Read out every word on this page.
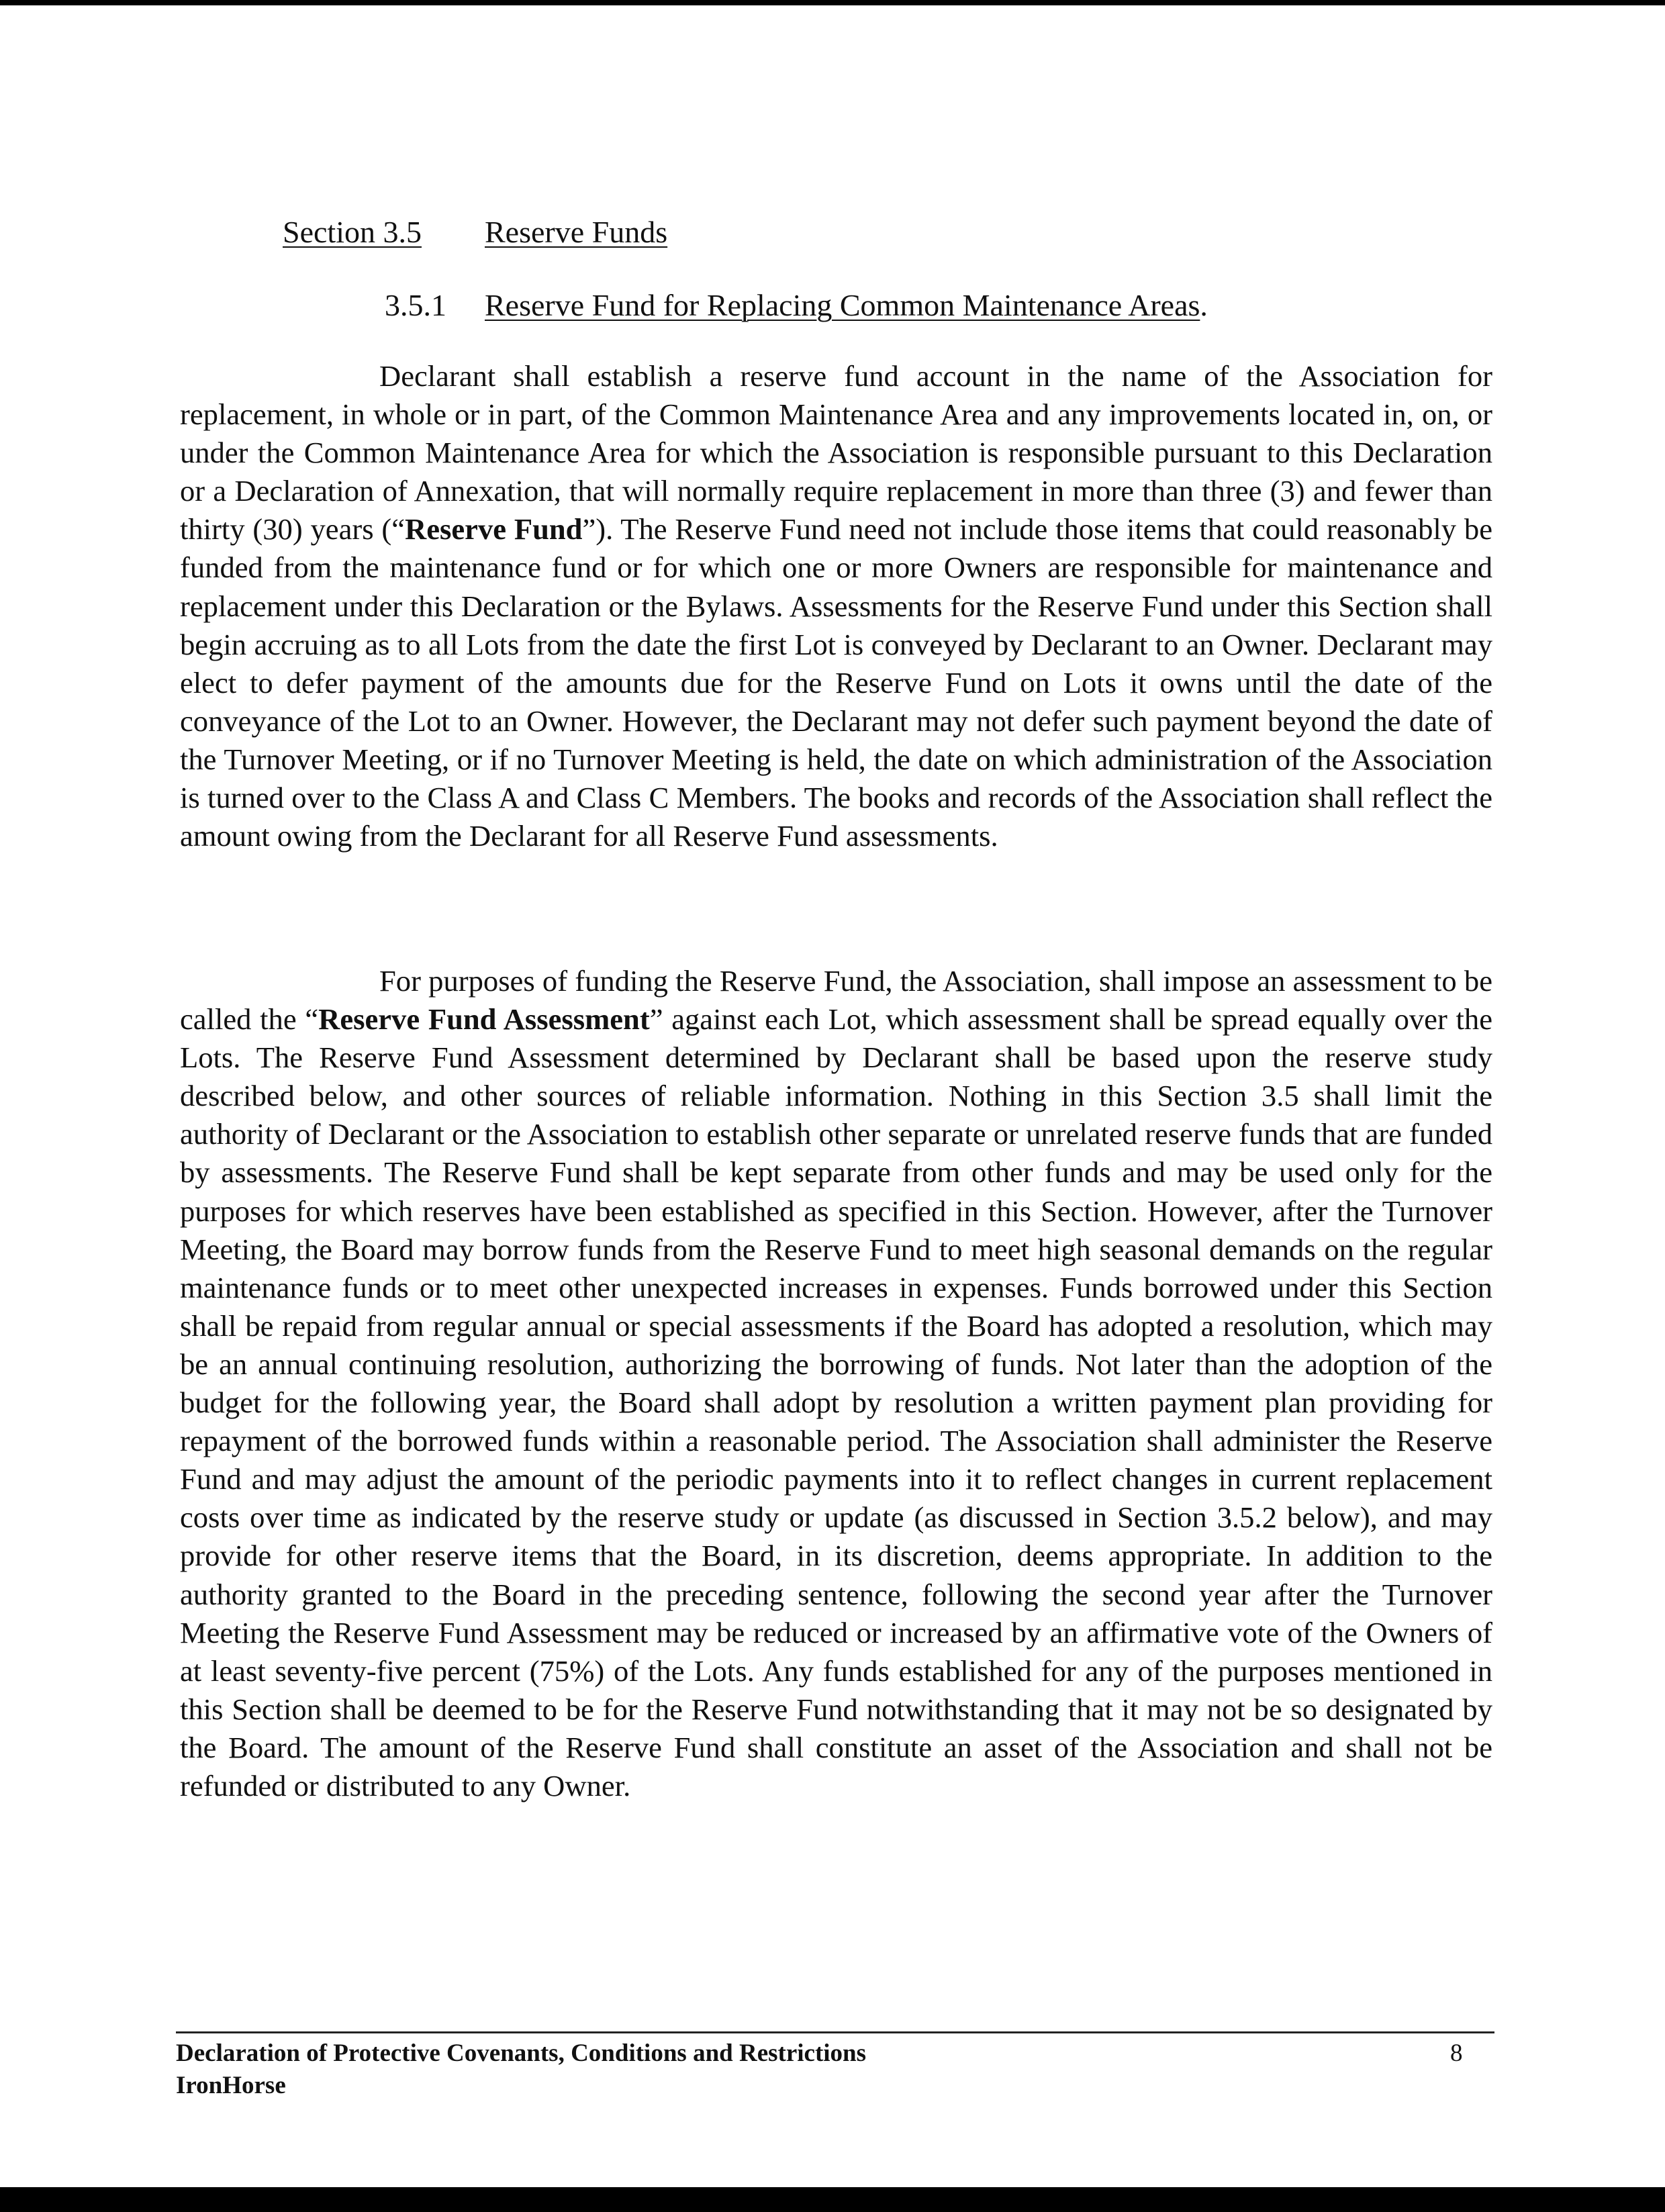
Section 3.5 Reserve Funds
3.5.1 Reserve Fund for Replacing Common Maintenance Areas.

Declarant shall establish a reserve fund account in the name of the Association for replacement, in whole or in part, of the Common Maintenance Area and any improvements located in, on, or under the Common Maintenance Area for which the Association is responsible pursuant to this Declaration or a Declaration of Annexation, that will normally require replacement in more than three (3) and fewer than thirty (30) years (“Reserve Fund”). The Reserve Fund need not include those items that could reasonably be funded from the maintenance fund or for which one or more Owners are responsible for maintenance and replacement under this Declaration or the Bylaws. Assessments for the Reserve Fund under this Section shall begin accruing as to all Lots from the date the first Lot is conveyed by Declarant to an Owner. Declarant may elect to defer payment of the amounts due for the Reserve Fund on Lots it owns until the date of the conveyance of the Lot to an Owner. However, the Declarant may not defer such payment beyond the date of the Turnover Meeting, or if no Turnover Meeting is held, the date on which administration of the Association is turned over to the Class A and Class C Members. The books and records of the Association shall reflect the amount owing from the Declarant for all Reserve Fund assessments.

For purposes of funding the Reserve Fund, the Association, shall impose an assessment to be called the “Reserve Fund Assessment” against each Lot, which assessment shall be spread equally over the Lots. The Reserve Fund Assessment determined by Declarant shall be based upon the reserve study described below, and other sources of reliable information. Nothing in this Section 3.5 shall limit the authority of Declarant or the Association to establish other separate or unrelated reserve funds that are funded by assessments. The Reserve Fund shall be kept separate from other funds and may be used only for the purposes for which reserves have been established as specified in this Section. However, after the Turnover Meeting, the Board may borrow funds from the Reserve Fund to meet high seasonal demands on the regular maintenance funds or to meet other unexpected increases in expenses. Funds borrowed under this Section shall be repaid from regular annual or special assessments if the Board has adopted a resolution, which may be an annual continuing resolution, authorizing the borrowing of funds. Not later than the adoption of the budget for the following year, the Board shall adopt by resolution a written payment plan providing for repayment of the borrowed funds within a reasonable period. The Association shall administer the Reserve Fund and may adjust the amount of the periodic payments into it to reflect changes in current replacement costs over time as indicated by the reserve study or update (as discussed in Section 3.5.2 below), and may provide for other reserve items that the Board, in its discretion, deems appropriate. In addition to the authority granted to the Board in the preceding sentence, following the second year after the Turnover Meeting the Reserve Fund Assessment may be reduced or increased by an affirmative vote of the Owners of at least seventy-five percent (75%) of the Lots. Any funds established for any of the purposes mentioned in this Section shall be deemed to be for the Reserve Fund notwithstanding that it may not be so designated by the Board. The amount of the Reserve Fund shall constitute an asset of the Association and shall not be refunded or distributed to any Owner.

Declaration of Protective Covenants, Conditions and Restrictions
IronHorse
8
